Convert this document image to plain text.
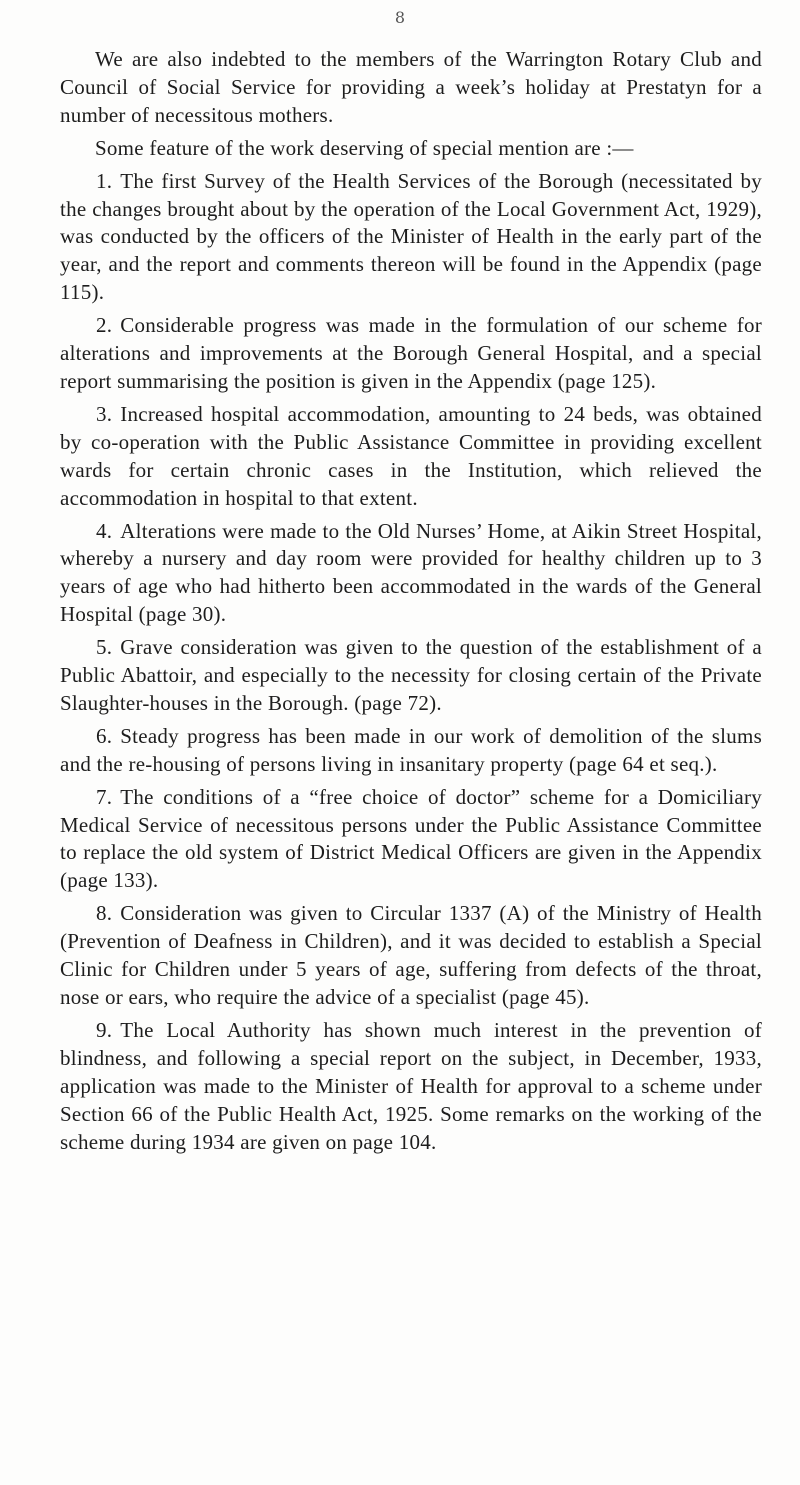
8

We are also indebted to the members of the Warrington Rotary Club and Council of Social Service for providing a week’s holiday at Prestatyn for a number of necessitous mothers.

Some feature of the work deserving of special mention are :—

1. The first Survey of the Health Services of the Borough (necessitated by the changes brought about by the operation of the Local Government Act, 1929), was conducted by the officers of the Minister of Health in the early part of the year, and the report and comments thereon will be found in the Appendix (page 115).

2. Considerable progress was made in the formulation of our scheme for alterations and improvements at the Borough General Hospital, and a special report summarising the position is given in the Appendix (page 125).

3. Increased hospital accommodation, amounting to 24 beds, was obtained by co-operation with the Public Assistance Committee in providing excellent wards for certain chronic cases in the Institution, which relieved the accommodation in hospital to that extent.

4. Alterations were made to the Old Nurses’ Home, at Aikin Street Hospital, whereby a nursery and day room were provided for healthy children up to 3 years of age who had hitherto been accommodated in the wards of the General Hospital (page 30).

5. Grave consideration was given to the question of the establishment of a Public Abattoir, and especially to the necessity for closing certain of the Private Slaughter-houses in the Borough. (page 72).

6. Steady progress has been made in our work of demolition of the slums and the re-housing of persons living in insanitary property (page 64 et seq.).

7. The conditions of a “free choice of doctor” scheme for a Domiciliary Medical Service of necessitous persons under the Public Assistance Committee to replace the old system of District Medical Officers are given in the Appendix (page 133).

8. Consideration was given to Circular 1337 (A) of the Ministry of Health (Prevention of Deafness in Children), and it was decided to establish a Special Clinic for Children under 5 years of age, suffering from defects of the throat, nose or ears, who require the advice of a specialist (page 45).

9. The Local Authority has shown much interest in the prevention of blindness, and following a special report on the subject, in December, 1933, application was made to the Minister of Health for approval to a scheme under Section 66 of the Public Health Act, 1925. Some remarks on the working of the scheme during 1934 are given on page 104.
